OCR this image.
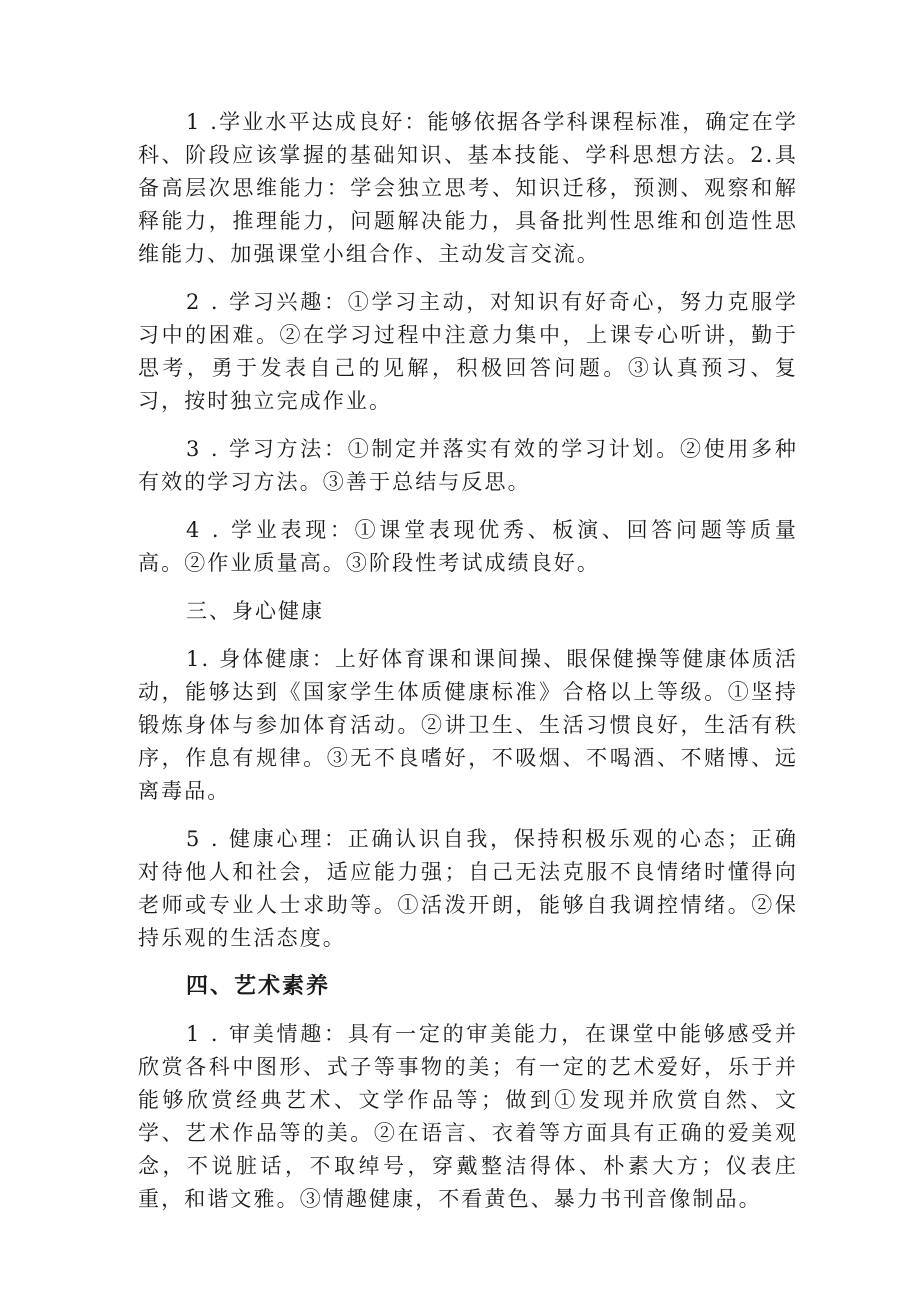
1 .学业水平达成良好：能够依据各学科课程标准，确定在学科、阶段应该掌握的基础知识、基本技能、学科思想方法。2.具备高层次思维能力：学会独立思考、知识迁移，预测、观察和解释能力，推理能力，问题解决能力，具备批判性思维和创造性思维能力、加强课堂小组合作、主动发言交流。

2 . 学习兴趣：①学习主动，对知识有好奇心，努力克服学习中的困难。②在学习过程中注意力集中，上课专心听讲，勤于思考，勇于发表自己的见解，积极回答问题。③认真预习、复习，按时独立完成作业。

3 . 学习方法：①制定并落实有效的学习计划。②使用多种有效的学习方法。③善于总结与反思。

4 . 学业表现：①课堂表现优秀、板演、回答问题等质量高。②作业质量高。③阶段性考试成绩良好。

三、身心健康

1. 身体健康：上好体育课和课间操、眼保健操等健康体质活动，能够达到《国家学生体质健康标准》合格以上等级。①坚持锻炼身体与参加体育活动。②讲卫生、生活习惯良好，生活有秩序，作息有规律。③无不良嗜好，不吸烟、不喝酒、不赌博、远离毒品。

5 . 健康心理：正确认识自我，保持积极乐观的心态；正确对待他人和社会，适应能力强；自己无法克服不良情绪时懂得向老师或专业人士求助等。①活泼开朗，能够自我调控情绪。②保持乐观的生活态度。

四、艺术素养

1 . 审美情趣：具有一定的审美能力，在课堂中能够感受并欣赏各科中图形、式子等事物的美；有一定的艺术爱好，乐于并能够欣赏经典艺术、文学作品等；做到①发现并欣赏自然、文学、艺术作品等的美。②在语言、衣着等方面具有正确的爱美观念，不说脏话，不取绰号，穿戴整洁得体、朴素大方；仪表庄重，和谐文雅。③情趣健康，不看黄色、暴力书刊音像制品。
